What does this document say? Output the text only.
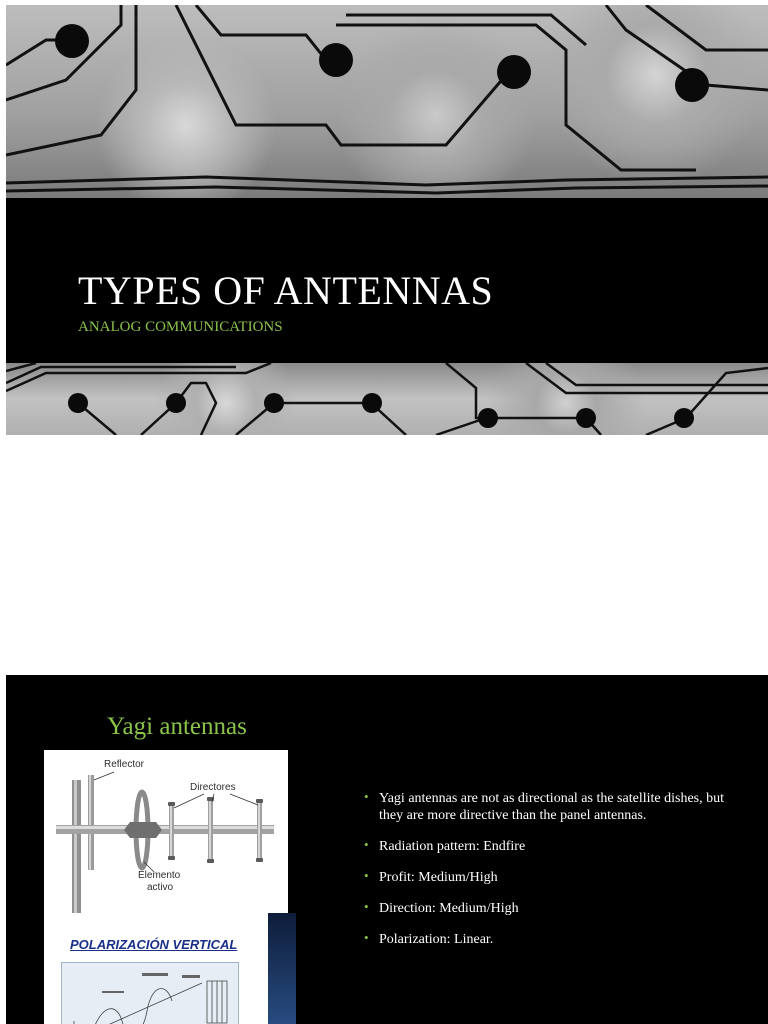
TYPES OF ANTENNAS

ANALOG COMMUNICATIONS

Yagi antennas
Reflector
Directores
Elemento
activo
POLARIZACIÓN VERTICAL
• Yagi antennas are not as directional as the satellite dishes, but they are more directive than the panel antennas.
• Radiation pattern: Endfire
• Profit: Medium/High
• Direction: Medium/High
• Polarization: Linear.
